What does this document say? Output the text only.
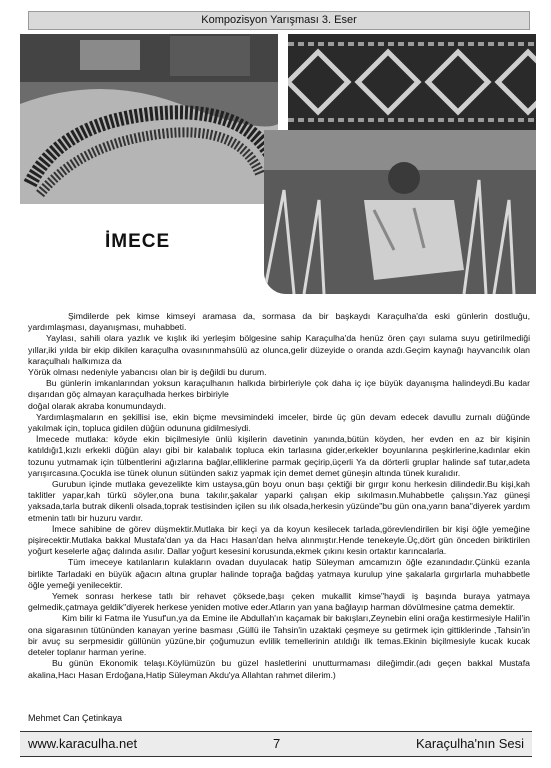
Kompozisyon Yarışması 3. Eser
İMECE

Şimdilerde pek kimse kimseyi aramasa da, sormasa da bir başkaydı Karaçulha'da eski günlerin dostluğu, yardımlaşması, dayanışması, muhabbeti.

Yaylası, sahili olara yazlık ve kışlık iki yerleşim bölgesine sahip Karaçulha'da henüz ören çayı sulama suyu getirilmediği yıllar,iki yılda bir ekip dikilen karaçulha ovasınınmahsülü az olunca,gelir düzeyide o oranda azdı.Geçim kaynağı hayvancılık olan karaçulhalı halkımıza da

Yörük olması nedeniyle yabancısı olan bir iş değildi bu durum.

Bu günlerin imkanlarından yoksun karaçulhanın halkıda birbirleriyle çok daha iç içe büyük dayanışma halindeydi.Bu kadar dışarıdan göç almayan karaçulhada herkes birbiriyle

doğal olarak akraba konumundaydı.

Yardımlaşmaların en şekillisi ise, ekin biçme mevsimindeki imceler, birde üç gün devam edecek davullu zurnalı düğünde yakılmak için, topluca gidilen düğün odununa gidilmesiydi.

İmecede mutlaka: köyde ekin biçilmesiyle ünlü kişilerin davetinin yanında,bütün köyden, her evden en az bir kişinin katıldığı1,kızlı erkekli düğün alayı gibi bir kalabalık topluca ekin tarlasına gider,erkekler boyunlarına peşkirlerine,kadınlar ekin tozunu yutmamak için tülbentlerini ağızlarına bağlar,elliklerine parmak geçirip,üçerli Ya da dörterli gruplar halinde saf tutar,adeta yarışırcasına.Çocukla ise tünek olunun sütünden sakız yapmak için demet demet güneşin altında tünek kuralıdır.

Gurubun içinde mutlaka gevezelikte kim ustaysa,gün boyu onun başı çektiği bir gırgır konu herkesin dilindedir.Bu kişi,kah taklitler yapar,kah türkü söyler,ona buna takılır,şakalar yaparki çalışan ekip sıkılmasın.Muhabbetle çalışsın.Yaz güneşi yaksada,tarla butrak dikenli olsada,toprak testisinden içilen su ılık olsada,herkesin yüzünde"bu gün ona,yarın bana"diyerek yardım etmenin tatlı bir huzuru vardır.

İmece sahibine de görev düşmektir.Mutlaka bir keçi ya da koyun kesilecek tarlada,görevlendirilen bir kişi öğle yemeğine pişirecektir.Mutlaka bakkal Mustafa'dan ya da Hacı Hasan'dan helva alınmıştır.Hende tenekeyle.Üç,dört gün önceden biriktirilen yoğurt keselerle ağaç dalında asılır. Dallar yoğurt kesesini korusunda,ekmek çıkını kesin ortaktır karıncalarla.

Tüm imeceye katılanların kulakların ovadan duyulacak hatip Süleyman amcamızın öğle ezanındadır.Çünkü ezanla birlikte Tarladaki en büyük ağacın altına gruplar halinde toprağa bağdaş yatmaya kurulup yine şakalarla gırgırlarla muhabbetle öğle yemeği yenilecektir.

Yemek sonrası herkese tatlı bir rehavet çöksede,başı çeken mukallit kimse"haydi iş başında buraya yatmaya gelmedik,çatmaya geldik"diyerek herkese yeniden motive eder.Atların yan yana bağlayıp harman dövülmesine çatma demektir.

Kim bilir ki Fatma ile Yusuf'un,ya da Emine ile Abdullah'ın kaçamak bir bakışları,Zeynebin elini orağa kestirmesiyle Halil'in ona sigarasının tütününden kanayan yerine basması ,Güllü ile Tahsin'in uzaktaki çeşmeye su getirmek için gittiklerinde ,Tahsin'in bir avuç su serpmesidir güllünün yüzüne,bir çoğumuzun evlilik temellerinin atıldığı ilk temas.Ekinin biçilmesiyle kucak kucak deteler toplanır harman yerine.

Bu günün Ekonomik telaşı.Köylümüzün bu güzel hasletlerini unutturmaması dileğimdir.(adı geçen bakkal Mustafa akalina,Hacı Hasan Erdoğana,Hatip Süleyman Akdu'ya Allahtan rahmet dilerim.)

Mehmet Can Çetinkaya
www.karaculha.net	7	Karaçulha'nın Sesi
